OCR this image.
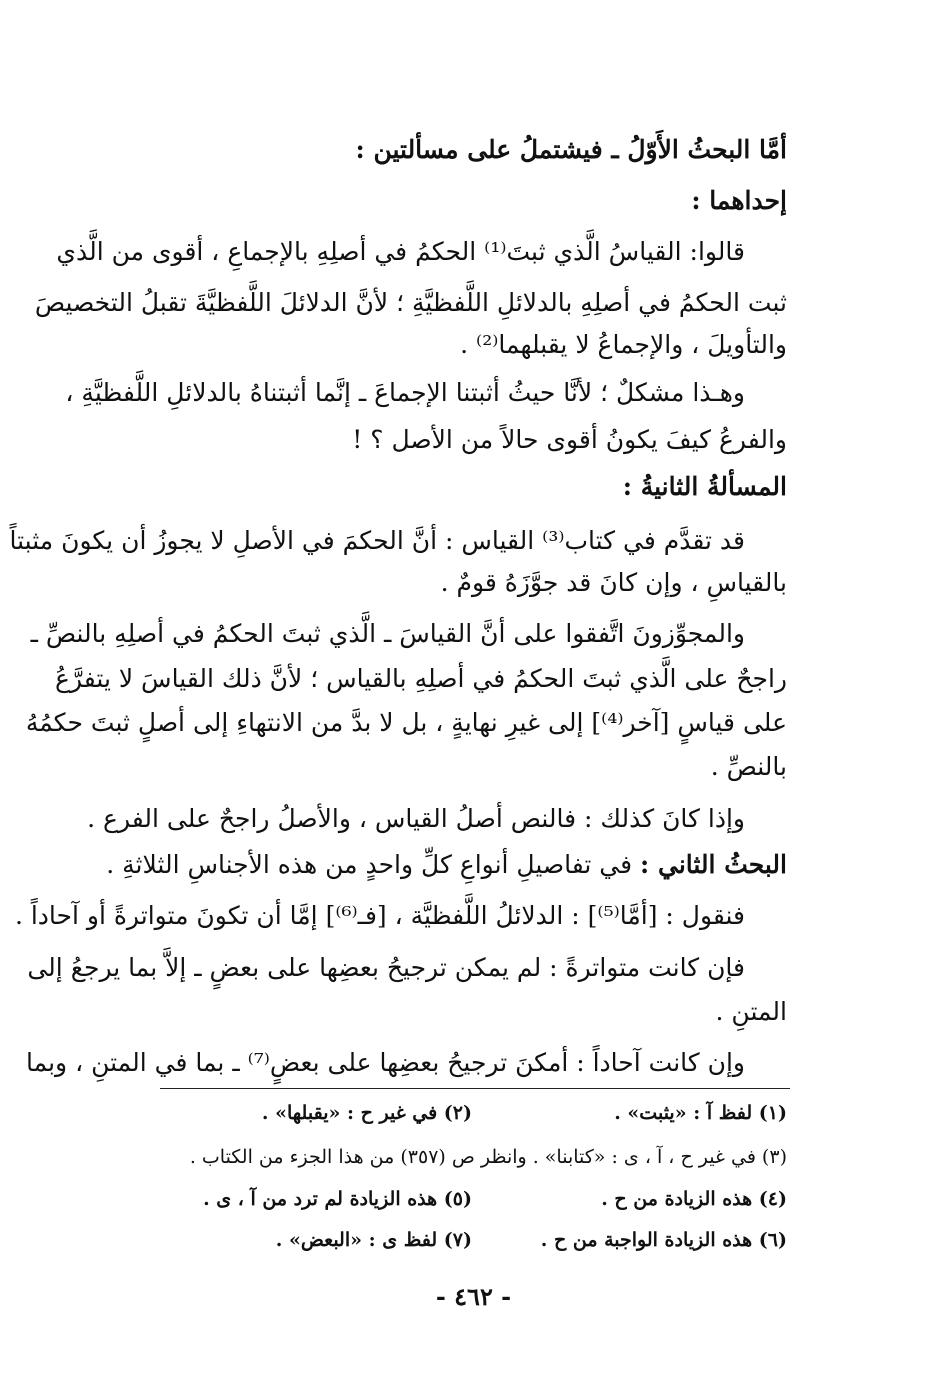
أمَّا البحثُ الأَوّلُ ـ فيشتملُ على مسألتين :
إحداهما :
قالوا: القياسُ الَّذي ثبتَ⁽¹⁾ الحكمُ في أصلِهِ بالإجماعِ ، أقوى من الَّذي
ثبت الحكمُ في أصلِهِ بالدلائلِ اللَّفظيَّةِ ؛ لأنَّ الدلائلَ اللَّفظيَّةَ تقبلُ التخصيصَ
والتأويلَ ، والإجماعُ لا يقبلهما⁽²⁾ .
وهـذا مشكلٌ ؛ لأنَّا حيثُ أثبتنا الإجماعَ ـ إنَّما أثبتناهُ بالدلائلِ اللَّفظيَّةِ ،
والفرعُ كيفَ يكونُ أقوى حالاً من الأصل ؟ !
المسألةُ الثانيةُ :
قد تقدَّم في كتاب⁽³⁾ القياس : أنَّ الحكمَ في الأصلِ لا يجوزُ أن يكونَ مثبتاً
بالقياسِ ، وإن كانَ قد جوَّزَهُ قومٌ .
والمجوِّزونَ اتَّفقوا على أنَّ القياسَ ـ الَّذي ثبتَ الحكمُ في أصلِهِ بالنصِّ ـ
راجحٌ على الَّذي ثبتَ الحكمُ في أصلِهِ بالقياس ؛ لأنَّ ذلك القياسَ لا يتفرَّعُ
على قياسٍ [آخر⁽⁴⁾] إلى غيرِ نهايةٍ ، بل لا بدَّ من الانتهاءِ إلى أصلٍ ثبتَ حكمُهُ
بالنصِّ .
وإذا كانَ كذلك : فالنص أصلُ القياس ، والأصلُ راجحٌ على الفرع .
البحثُ الثاني : في تفاصيلِ أنواعِ كلِّ واحدٍ من هذه الأجناسِ الثلاثةِ .
فنقول : [أمَّا⁽⁵⁾] : الدلائلُ اللَّفظيَّة ، [فـ⁽⁶⁾] إمَّا أن تكونَ متواترةً أو آحاداً .
فإن كانت متواترةً : لم يمكن ترجيحُ بعضِها على بعضٍ ـ إلاَّ بما يرجعُ إلى
المتنِ .
وإن كانت آحاداً : أمكنَ ترجيحُ بعضِها على بعضٍ⁽⁷⁾ ـ بما في المتنِ ، وبما
(١) لفظ آ : «يثبت» .
(٢) في غير ح : «يقبلها» .
(٣) في غير ح ، آ ، ى : «كتابنا» . وانظر ص (٣٥٧) من هذا الجزء من الكتاب .
(٤) هذه الزيادة من ح .
(٥) هذه الزيادة لم ترد من آ ، ى .
(٦) هذه الزيادة الواجبة من ح .
(٧) لفظ ى : «البعض» .
- ٤٦٢ -
